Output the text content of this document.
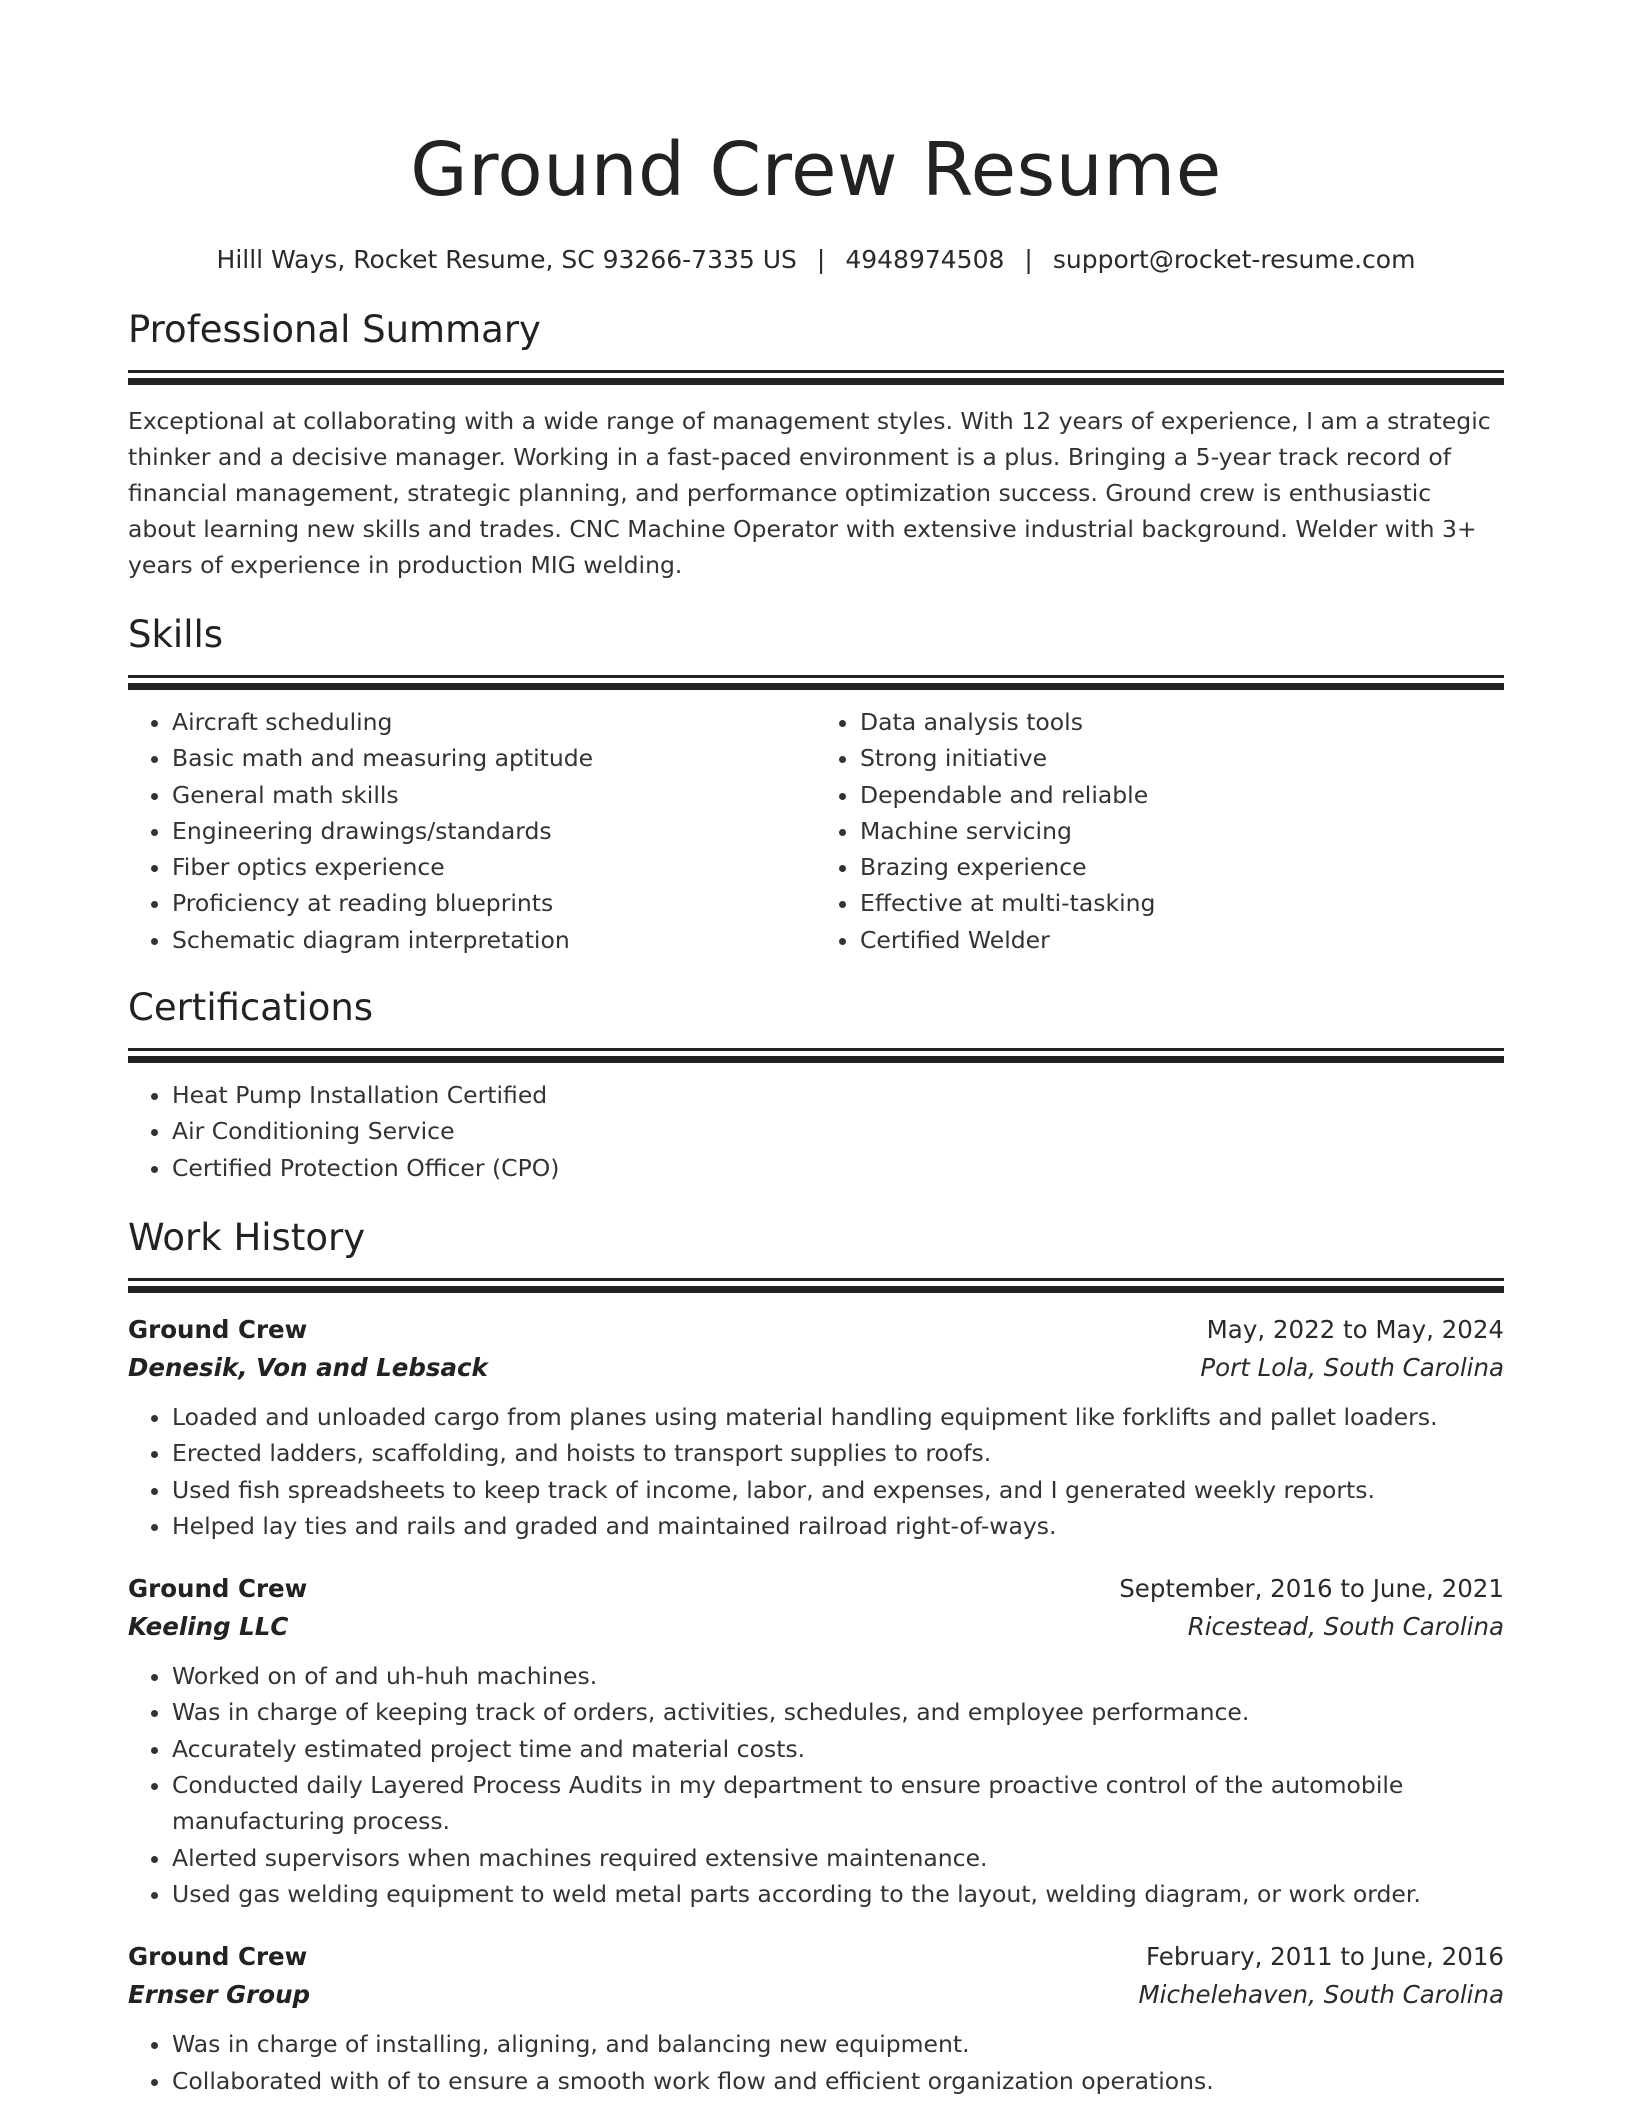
Ground Crew Resume
Hilll Ways, Rocket Resume, SC 93266-7335 US | 4948974508 | support@rocket-resume.com
Professional Summary
Exceptional at collaborating with a wide range of management styles. With 12 years of experience, I am a strategic thinker and a decisive manager. Working in a fast-paced environment is a plus. Bringing a 5-year track record of financial management, strategic planning, and performance optimization success. Ground crew is enthusiastic about learning new skills and trades. CNC Machine Operator with extensive industrial background. Welder with 3+ years of experience in production MIG welding.
Skills
• Aircraft scheduling
• Basic math and measuring aptitude
• General math skills
• Engineering drawings/standards
• Fiber optics experience
• Proficiency at reading blueprints
• Schematic diagram interpretation
• Data analysis tools
• Strong initiative
• Dependable and reliable
• Machine servicing
• Brazing experience
• Effective at multi-tasking
• Certified Welder
Certifications
• Heat Pump Installation Certified
• Air Conditioning Service
• Certified Protection Officer (CPO)
Work History
Ground Crew	May, 2022 to May, 2024
Denesik, Von and Lebsack	Port Lola, South Carolina
• Loaded and unloaded cargo from planes using material handling equipment like forklifts and pallet loaders.
• Erected ladders, scaffolding, and hoists to transport supplies to roofs.
• Used fish spreadsheets to keep track of income, labor, and expenses, and I generated weekly reports.
• Helped lay ties and rails and graded and maintained railroad right-of-ways.
Ground Crew	September, 2016 to June, 2021
Keeling LLC	Ricestead, South Carolina
• Worked on of and uh-huh machines.
• Was in charge of keeping track of orders, activities, schedules, and employee performance.
• Accurately estimated project time and material costs.
• Conducted daily Layered Process Audits in my department to ensure proactive control of the automobile manufacturing process.
• Alerted supervisors when machines required extensive maintenance.
• Used gas welding equipment to weld metal parts according to the layout, welding diagram, or work order.
Ground Crew	February, 2011 to June, 2016
Ernser Group	Michelehaven, South Carolina
• Was in charge of installing, aligning, and balancing new equipment.
• Collaborated with of to ensure a smooth work flow and efficient organization operations.
